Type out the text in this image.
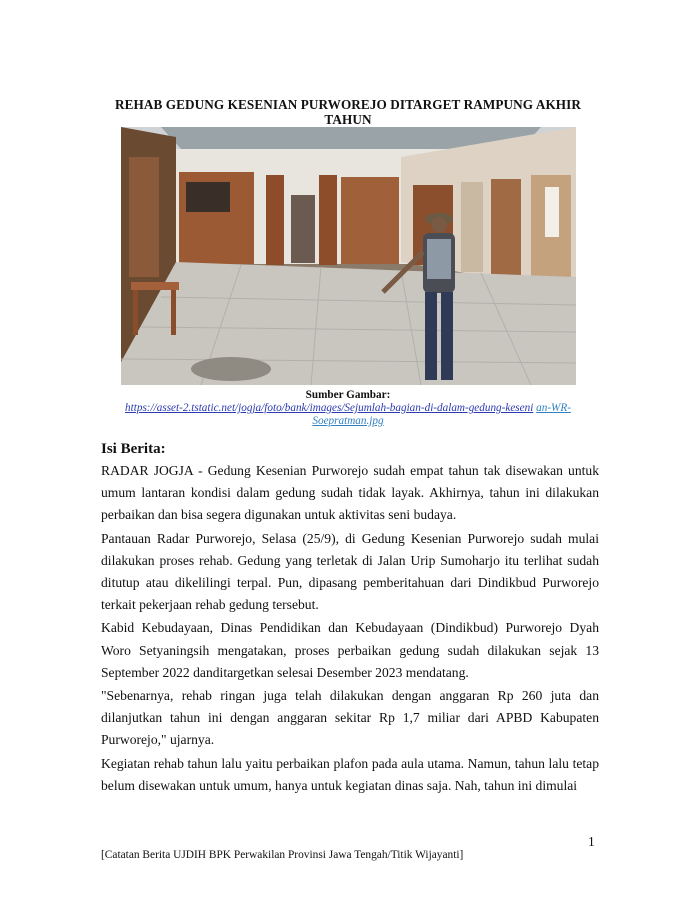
REHAB GEDUNG KESENIAN PURWOREJO DITARGET RAMPUNG AKHIR TAHUN
Sumber Gambar:
https://asset-2.tstatic.net/jogja/foto/bank/images/Sejumlah-bagian-di-dalam-gedung-keseni an-WR-Soepratman.jpg
Isi Berita:

RADAR JOGJA - Gedung Kesenian Purworejo sudah empat tahun tak disewakan untuk umum lantaran kondisi dalam gedung sudah tidak layak. Akhirnya, tahun ini dilakukan perbaikan dan bisa segera digunakan untuk aktivitas seni budaya.

Pantauan Radar Purworejo, Selasa (25/9), di Gedung Kesenian Purworejo sudah mulai dilakukan proses rehab. Gedung yang terletak di Jalan Urip Sumoharjo itu terlihat sudah ditutup atau dikelilingi terpal. Pun, dipasang pemberitahuan dari Dindikbud Purworejo terkait pekerjaan rehab gedung tersebut.

Kabid Kebudayaan, Dinas Pendidikan dan Kebudayaan (Dindikbud) Purworejo Dyah Woro Setyaningsih mengatakan, proses perbaikan gedung sudah dilakukan sejak 13 September 2022 danditargetkan selesai Desember 2023 mendatang.

"Sebenarnya, rehab ringan juga telah dilakukan dengan anggaran Rp 260 juta dan dilanjutkan tahun ini dengan anggaran sekitar Rp 1,7 miliar dari APBD Kabupaten Purworejo," ujarnya.

Kegiatan rehab tahun lalu yaitu perbaikan plafon pada aula utama. Namun, tahun lalu tetap belum disewakan untuk umum, hanya untuk kegiatan dinas saja. Nah, tahun ini dimulai

1
[Catatan Berita UJDIH BPK Perwakilan Provinsi Jawa Tengah/Titik Wijayanti]
